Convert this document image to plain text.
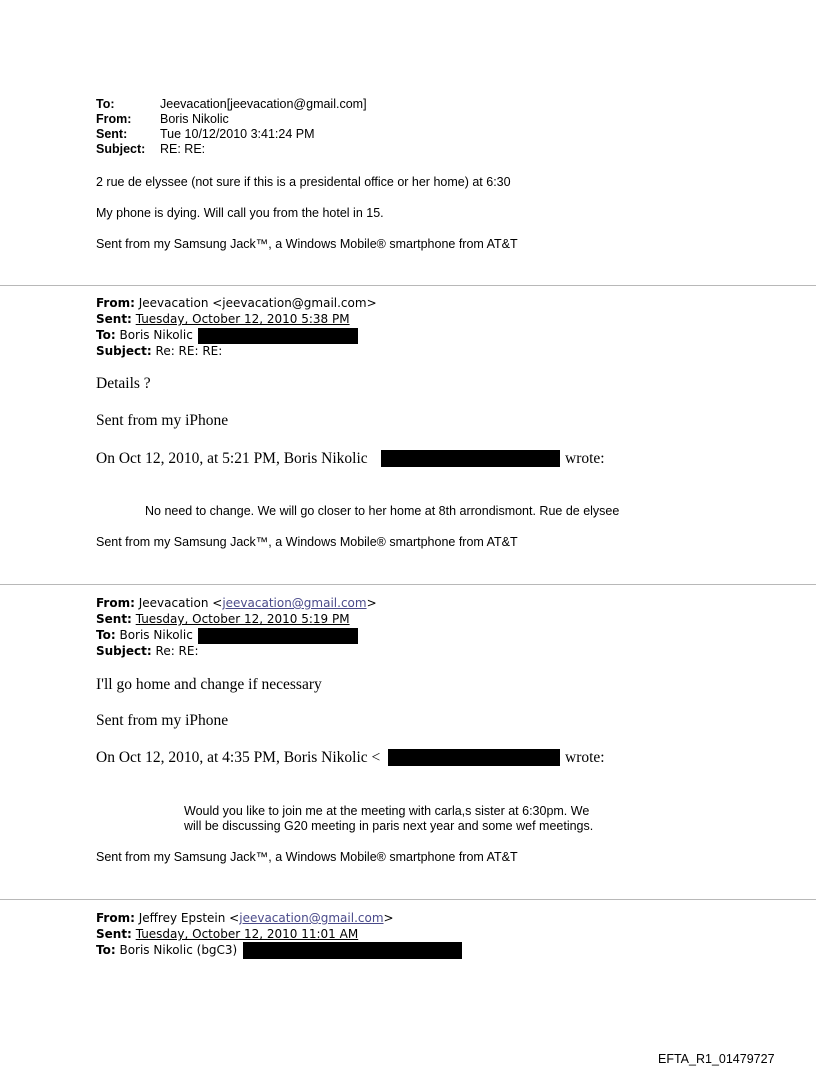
To:	Jeevacation[jeevacation@gmail.com]
From: Boris Nikolic
Sent:	Tue 10/12/2010 3:41:24 PM
Subject: RE: RE:
2 rue de elyssee (not sure if this is a presidental office or her home) at 6:30
My phone is dying. Will call you from the hotel in 15.
Sent from my Samsung Jack™, a Windows Mobile® smartphone from AT&T
From: Jeevacation <jeevacation@gmail.com>
Sent: Tuesday, October 12, 2010 5:38 PM
To: Boris Nikolic
Subject: Re: RE: RE:
Details ?
Sent from my iPhone
On Oct 12, 2010, at 5:21 PM, Boris Nikolic	wrote:
No need to change. We will go closer to her home at 8th arrondismont. Rue de elysee
Sent from my Samsung Jack™, a Windows Mobile® smartphone from AT&T
From: Jeevacation <jeevacation@gmail.com>
Sent: Tuesday, October 12, 2010 5:19 PM
To: Boris Nikolic
Subject: Re: RE:
I'll go home and change if necessary
Sent from my iPhone
On Oct 12, 2010, at 4:35 PM, Boris Nikolic <	wrote:
Would you like to join me at the meeting with carla,s sister at 6:30pm. We
will be discussing G20 meeting in paris next year and some wef meetings.
Sent from my Samsung Jack™, a Windows Mobile® smartphone from AT&T
From: Jeffrey Epstein <jeevacation@gmail.com>
Sent: Tuesday, October 12, 2010 11:01 AM
To: Boris Nikolic (bgC3)
EFTA_R1_01479727
